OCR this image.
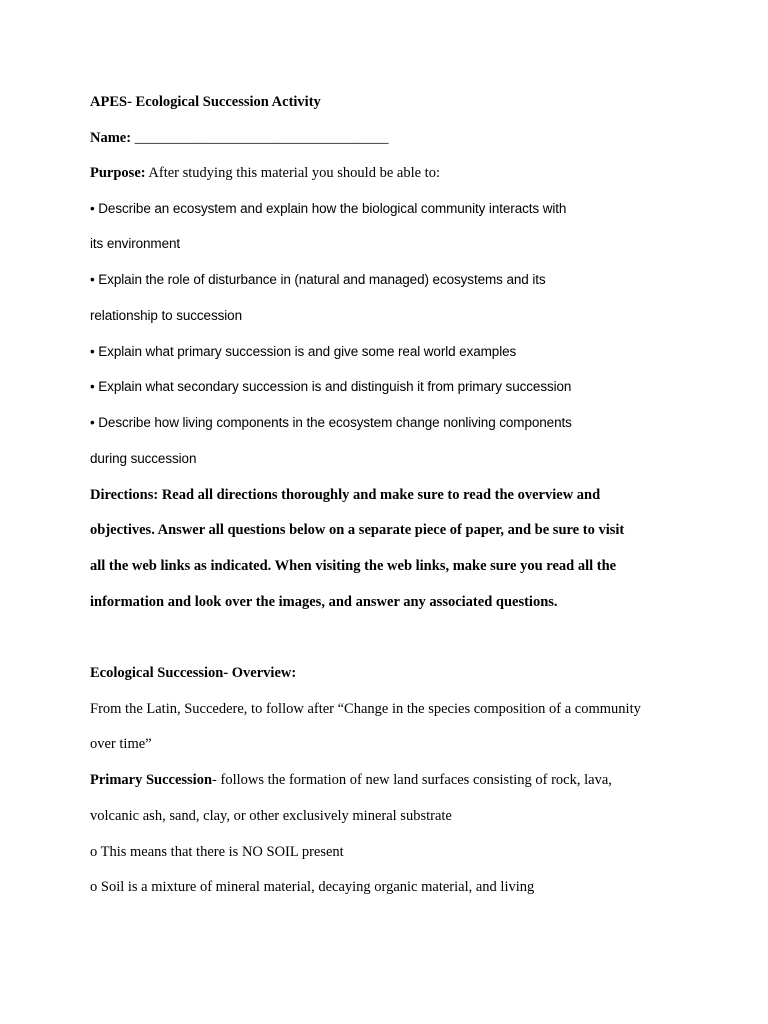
APES- Ecological Succession Activity
Name: ___________________________________
Purpose: After studying this material you should be able to:
• Describe an ecosystem and explain how the biological community interacts with
its environment
• Explain the role of disturbance in (natural and managed) ecosystems and its
relationship to succession
• Explain what primary succession is and give some real world examples
• Explain what secondary succession is and distinguish it from primary succession
• Describe how living components in the ecosystem change nonliving components
during succession
Directions: Read all directions thoroughly and make sure to read the overview and
objectives. Answer all questions below on a separate piece of paper, and be sure to visit
all the web links as indicated. When visiting the web links, make sure you read all the
information and look over the images, and answer any associated questions.
Ecological Succession- Overview:
From the Latin, Succedere, to follow after “Change in the species composition of a community
over time”
Primary Succession- follows the formation of new land surfaces consisting of rock, lava,
volcanic ash, sand, clay, or other exclusively mineral substrate
o This means that there is NO SOIL present
o Soil is a mixture of mineral material, decaying organic material, and living
